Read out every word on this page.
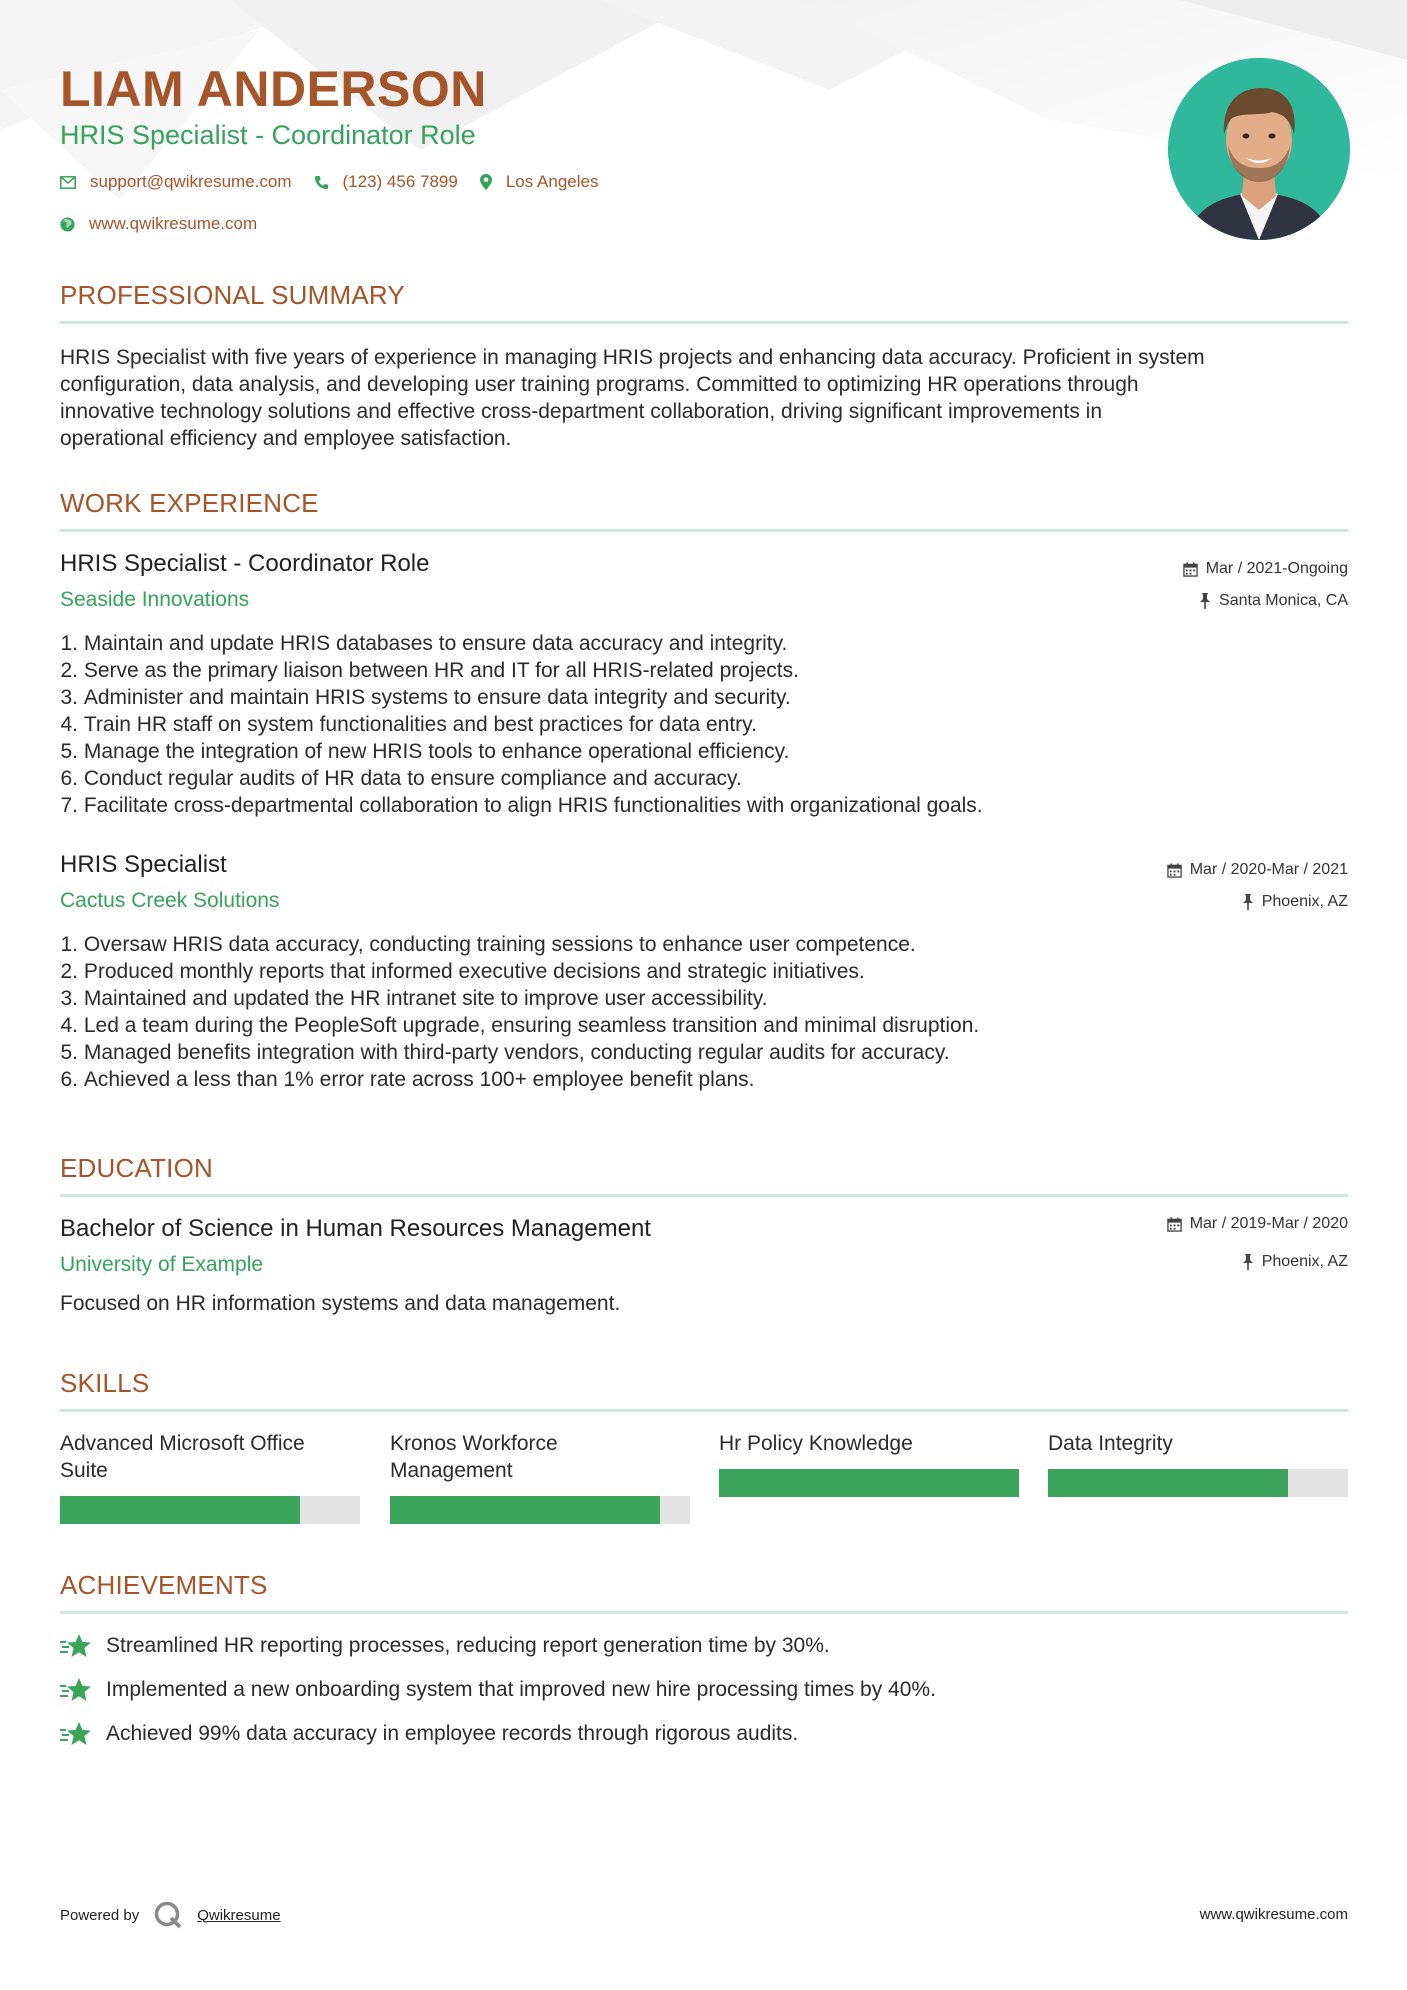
LIAM ANDERSON
HRIS Specialist - Coordinator Role
support@qwikresume.com	(123) 456 7899	Los Angeles
www.qwikresume.com
PROFESSIONAL SUMMARY
HRIS Specialist with five years of experience in managing HRIS projects and enhancing data accuracy. Proficient in system
configuration, data analysis, and developing user training programs. Committed to optimizing HR operations through
innovative technology solutions and effective cross-department collaboration, driving significant improvements in
operational efficiency and employee satisfaction.
WORK EXPERIENCE
HRIS Specialist - Coordinator Role
Seaside Innovations
Mar / 2021-Ongoing
Santa Monica, CA
1.
Maintain and update HRIS databases to ensure data accuracy and integrity.
2.
Serve as the primary liaison between HR and IT for all HRIS-related projects.
3.
Administer and maintain HRIS systems to ensure data integrity and security.
4.
Train HR staff on system functionalities and best practices for data entry.
5.
Manage the integration of new HRIS tools to enhance operational efficiency.
6.
Conduct regular audits of HR data to ensure compliance and accuracy.
7.
Facilitate cross-departmental collaboration to align HRIS functionalities with organizational goals.
HRIS Specialist
Cactus Creek Solutions
Mar / 2020-Mar / 2021
Phoenix, AZ
1.
Oversaw HRIS data accuracy, conducting training sessions to enhance user competence.
2.
Produced monthly reports that informed executive decisions and strategic initiatives.
3.
Maintained and updated the HR intranet site to improve user accessibility.
4.
Led a team during the PeopleSoft upgrade, ensuring seamless transition and minimal disruption.
5.
Managed benefits integration with third-party vendors, conducting regular audits for accuracy.
6.
Achieved a less than 1% error rate across 100+ employee benefit plans.
EDUCATION
Bachelor of Science in Human Resources Management
University of Example
Mar / 2019-Mar / 2020
Phoenix, AZ
Focused on HR information systems and data management.
SKILLS
Advanced Microsoft Office
Suite
Kronos Workforce
Management
Hr Policy Knowledge	Data Integrity
ACHIEVEMENTS
Streamlined HR reporting processes, reducing report generation time by 30%.
Implemented a new onboarding system that improved new hire processing times by 40%.
Achieved 99% data accuracy in employee records through rigorous audits.
Powered by	Qwikresume	www.qwikresume.com
